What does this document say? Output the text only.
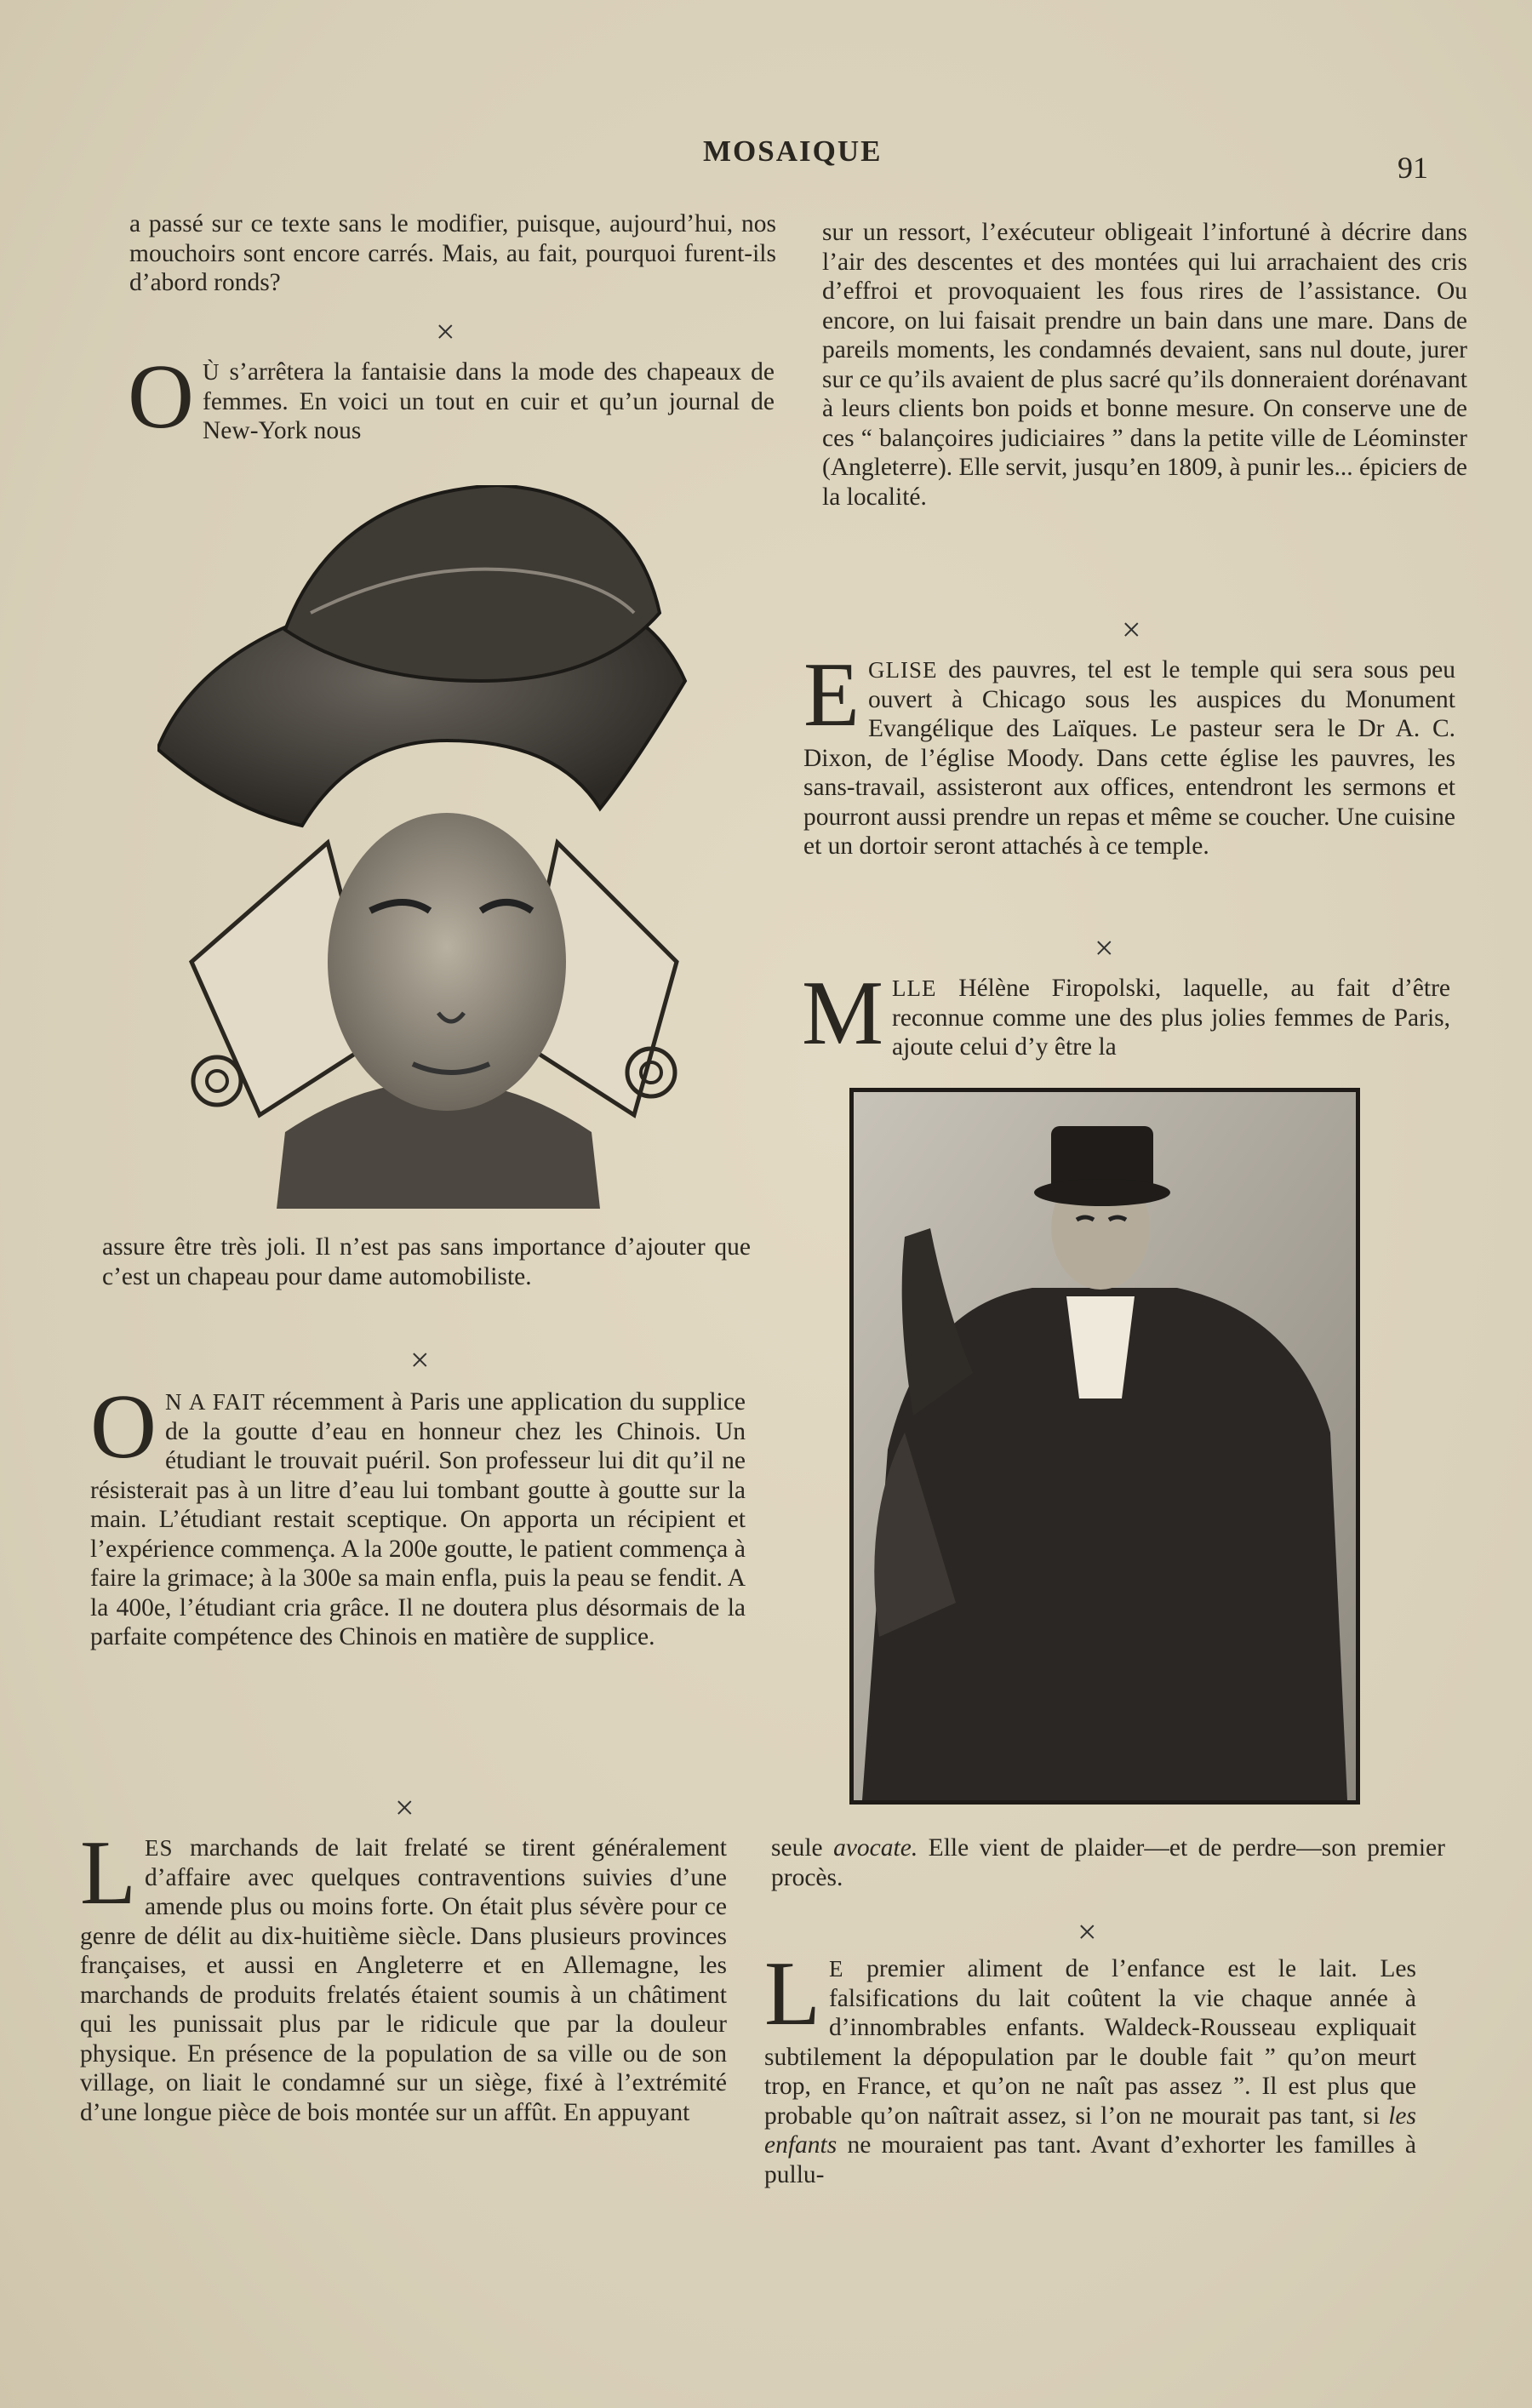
MOSAIQUE	91

a passé sur ce texte sans le modifier, puisque, aujourd’hui, nos mouchoirs sont encore carrés. Mais, au fait, pourquoi furent-ils d’abord ronds?

×
O Ù s’arrêtera la fantaisie dans la mode des chapeaux de femmes. En voici un tout en cuir et qu’un journal de New-York nous

assure être très joli. Il n’est pas sans importance d’ajouter que c’est un chapeau pour dame automobiliste.

×
O N A FAIT récemment à Paris une application du supplice de la goutte d’eau en honneur chez les Chinois. Un étudiant le trouvait puéril. Son professeur lui dit qu’il ne résisterait pas à un litre d’eau lui tombant goutte à goutte sur la main. L’étudiant restait sceptique. On apporta un récipient et l’expérience commença. A la 200e goutte, le patient commença à faire la grimace; à la 300e sa main enfla, puis la peau se fendit. A la 400e, l’étudiant cria grâce. Il ne doutera plus désormais de la parfaite compétence des Chinois en matière de supplice.

×
L ES marchands de lait frelaté se tirent généralement d’affaire avec quelques contraventions suivies d’une amende plus ou moins forte. On était plus sévère pour ce genre de délit au dix-huitième siècle. Dans plusieurs provinces françaises, et aussi en Angleterre et en Allemagne, les marchands de produits frelatés étaient soumis à un châtiment qui les punissait plus par le ridicule que par la douleur physique. En présence de la population de sa ville ou de son village, on liait le condamné sur un siège, fixé à l’extrémité d’une longue pièce de bois montée sur un affût. En appuyant

sur un ressort, l’exécuteur obligeait l’infortuné à décrire dans l’air des descentes et des montées qui lui arrachaient des cris d’effroi et provoquaient les fous rires de l’assistance. Ou encore, on lui faisait prendre un bain dans une mare. Dans de pareils moments, les condamnés devaient, sans nul doute, jurer sur ce qu’ils avaient de plus sacré qu’ils donneraient dorénavant à leurs clients bon poids et bonne mesure. On conserve une de ces “ balançoires judiciaires ” dans la petite ville de Léominster (Angleterre). Elle servit, jusqu’en 1809, à punir les... épiciers de la localité.

×
E GLISE des pauvres, tel est le temple qui sera sous peu ouvert à Chicago sous les auspices du Monument Evangélique des Laïques. Le pasteur sera le Dr A. C. Dixon, de l’église Moody. Dans cette église les pauvres, les sans-travail, assisteront aux offices, entendront les sermons et pourront aussi prendre un repas et même se coucher. Une cuisine et un dortoir seront attachés à ce temple.

×
M LLE Hélène Firopolski, laquelle, au fait d’être reconnue comme une des plus jolies femmes de Paris, ajoute celui d’y être la

seule avocate. Elle vient de plaider—et de perdre—son premier procès.

×
L E premier aliment de l’enfance est le lait. Les falsifications du lait coûtent la vie chaque année à d’innombrables enfants. Waldeck-Rousseau expliquait subtilement la dépopulation par le double fait ” qu’on meurt trop, en France, et qu’on ne naît pas assez ”. Il est plus que probable qu’on naîtrait assez, si l’on ne mourait pas tant, si les enfants ne mouraient pas tant. Avant d’exhorter les familles à pullu-
